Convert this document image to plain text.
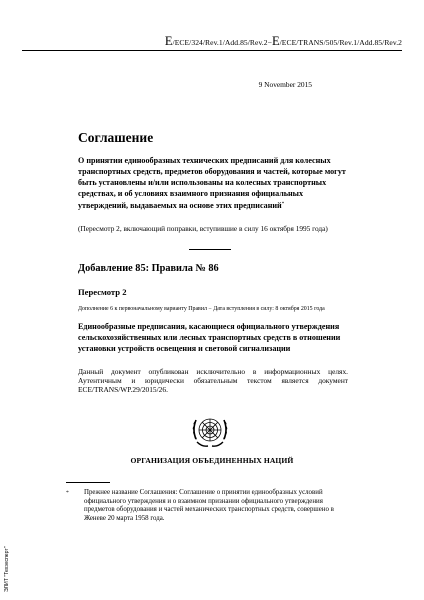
E/ECE/324/Rev.1/Add.85/Rev.2−E/ECE/TRANS/505/Rev.1/Add.85/Rev.2
9 November 2015
Соглашение
О принятии единообразных технических предписаний для колесных транспортных средств, предметов оборудования и частей, которые могут быть установлены и/или использованы на колесных транспортных средствах, и об условиях взаимного признания официальных утверждений, выдаваемых на основе этих предписаний*
(Пересмотр 2, включающий поправки, вступившие в силу 16 октября 1995 года)
Добавление 85: Правила № 86
Пересмотр 2
Дополнение 6 к первоначальному варианту Правил − Дата вступления в силу: 8 октября 2015 года
Единообразные предписания, касающиеся официального утверждения сельскохозяйственных или лесных транспортных средств в отношении установки устройств освещения и световой сигнализации
Данный документ опубликован исключительно в информационных целях. Аутентичным и юридически обязательным текстом является документ ECE/TRANS/WP.29/2015/26.
ОРГАНИЗАЦИЯ ОБЪЕДИНЕННЫХ НАЦИЙ
* Прежнее название Соглашения: Соглашение о принятии единообразных условий официального утверждения и о взаимном признании официального утверждения предметов оборудования и частей механических транспортных средств, совершено в Женеве 20 марта 1958 года.
ЭЛИТ "Техэксперт"
